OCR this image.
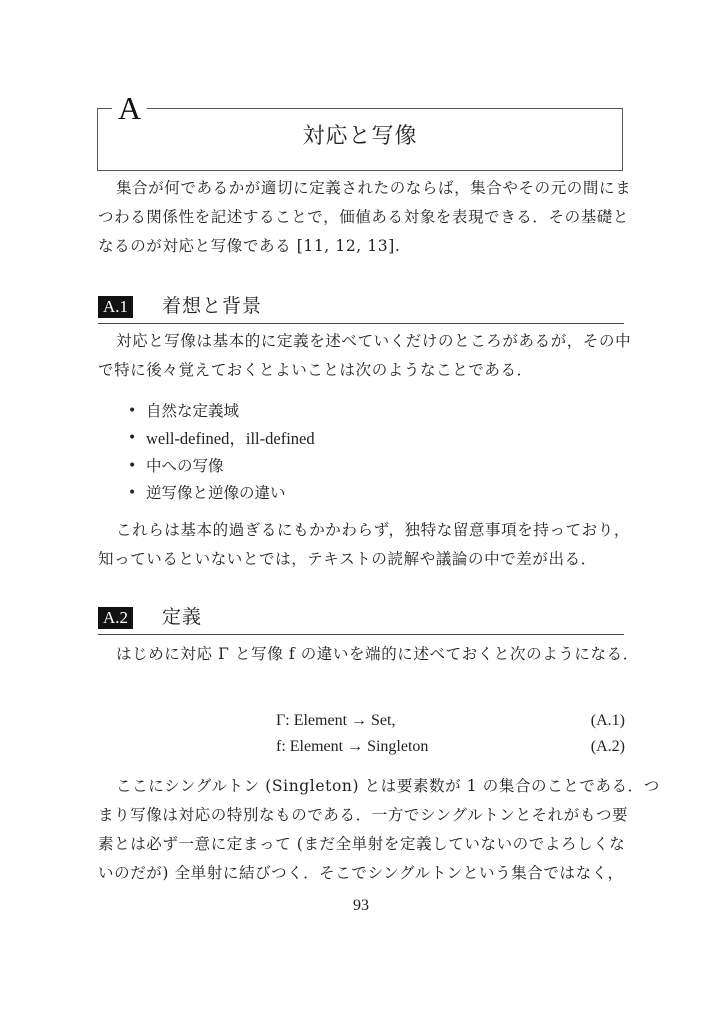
A
対応と写像

集合が何であるかが適切に定義されたのならば，集合やその元の間にま
つわる関係性を記述することで，価値ある対象を表現できる．その基礎と
なるのが対応と写像である [11, 12, 13].

A.1 着想と背景

対応と写像は基本的に定義を述べていくだけのところがあるが，その中
で特に後々覚えておくとよいことは次のようなことである．

• 自然な定義域
• well-defined，ill-defined
• 中への写像
• 逆写像と逆像の違い

これらは基本的過ぎるにもかかわらず，独特な留意事項を持っており，
知っているといないとでは，テキストの読解や議論の中で差が出る．

A.2 定義

はじめに対応 Γ と写像 f の違いを端的に述べておくと次のようになる．

Γ: Element → Set,	(A.1)
f: Element → Singleton	(A.2)

ここにシングルトン (Singleton) とは要素数が 1 の集合のことである．つ
まり写像は対応の特別なものである．一方でシングルトンとそれがもつ要
素とは必ず一意に定まって (まだ全単射を定義していないのでよろしくな
いのだが) 全単射に結びつく．そこでシングルトンという集合ではなく，

93
